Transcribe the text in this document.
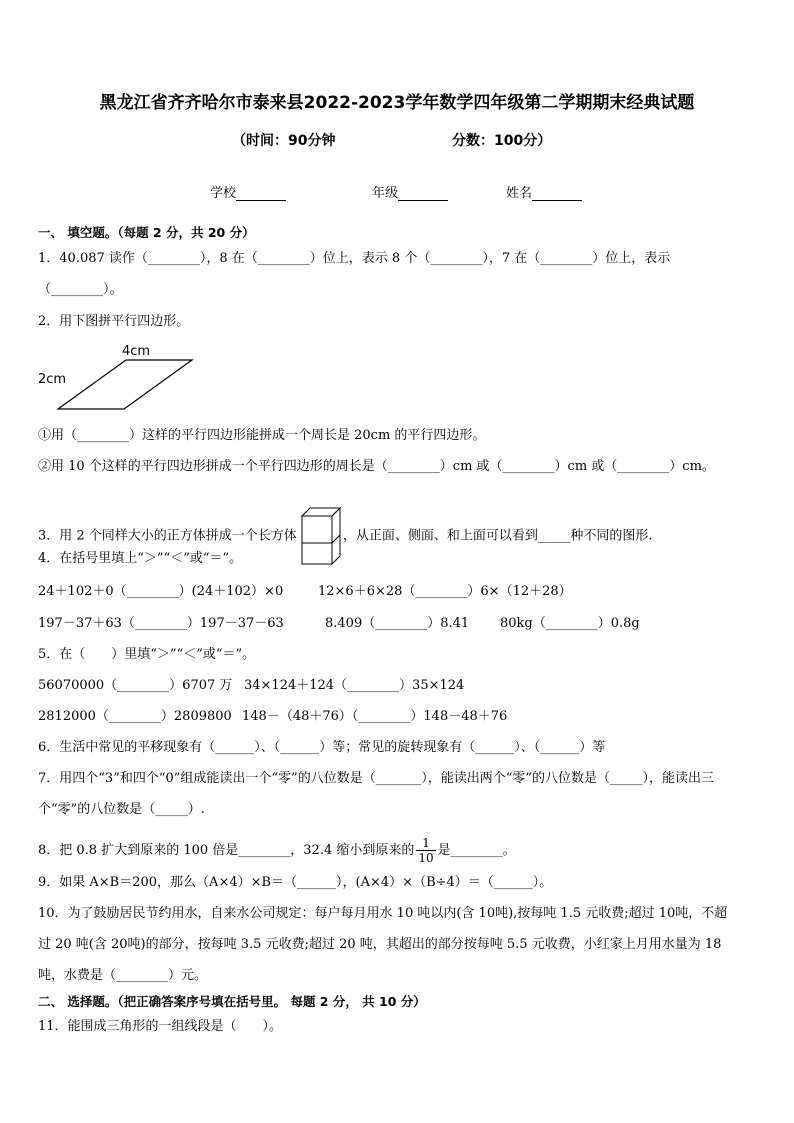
黑龙江省齐齐哈尔市泰来县2022-2023学年数学四年级第二学期期末经典试题
（时间：90分钟	分数：100分）
学校	年级	姓名
一、 填空题。（每题 2 分，共 20 分）
1．40.087 读作（________），8 在（________）位上，表示 8 个（________），7 在（________）位上，表示
（________）。
2．用下图拼平行四边形。
4cm
2cm
①用（________）这样的平行四边形能拼成一个周长是 20cm 的平行四边形。
②用 10 个这样的平行四边形拼成一个平行四边形的周长是（________）cm 或（________）cm 或（________）cm。
3．用 2 个同样大小的正方体拼成一个长方体	，从正面、侧面、和上面可以看到_____种不同的图形.
4．在括号里填上“＞”“＜”或“＝”。
24＋102＋0（________）(24＋102）×0	12×6＋6×28（________）6×（12＋28）
197－37＋63（________）197－37－63	8.409（________）8.41 80kg（________）0.8g
5．在（　　）里填“＞”“＜”或“＝”。
56070000（________）6707 万 34×124＋124（________）35×124
2812000（________）2809800 148－（48＋76）（________）148－48＋76
6．生活中常见的平移现象有（______）、（______）等；常见的旋转现象有（______）、（______）等
7．用四个“3”和四个“0”组成能读出一个“零”的八位数是（_______），能读出两个“零”的八位数是（_____），能读出三
个“零”的八位数是（_____）.
8．把 0.8 扩大到原来的 100 倍是________，32.4 缩小到原来的 $\frac{1}{10}$ 是________。
9．如果 A×B＝200，那么（A×4）×B＝（______），(A×4）×（B÷4）＝（______）。
10．为了鼓励居民节约用水，自来水公司规定：每户每月用水 10 吨以内(含 10吨),按每吨 1.5 元收费;超过 10吨，不超
过 20 吨(含 20吨)的部分，按每吨 3.5 元收费;超过 20 吨，其超出的部分按每吨 5.5 元收费，小红家上月用水量为 18
吨，水费是（________）元。
二、 选择题。（把正确答案序号填在括号里。 每题 2 分， 共 10 分）
11．能围成三角形的一组线段是（　　）。
